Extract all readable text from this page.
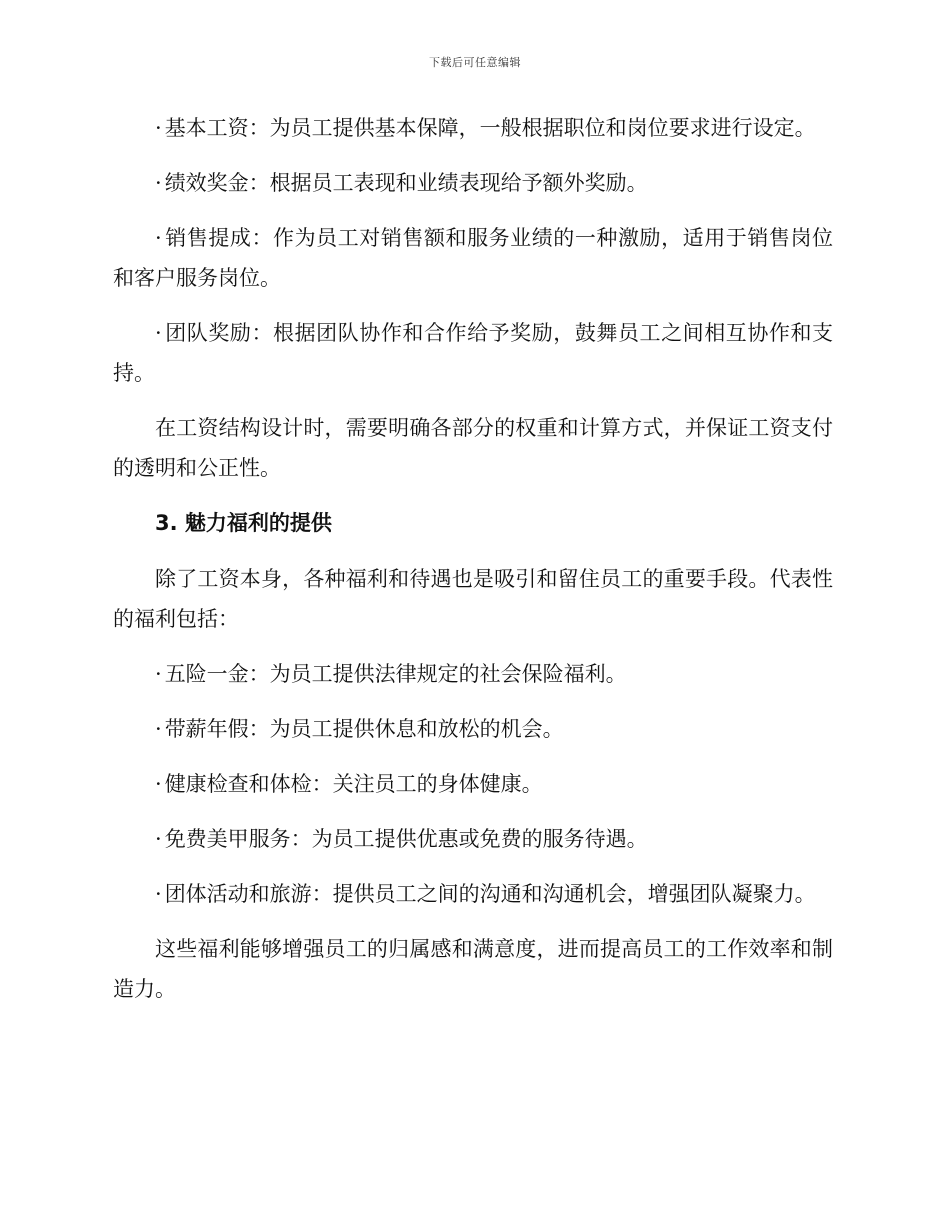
下载后可任意编辑

· 基本工资：为员工提供基本保障，一般根据职位和岗位要求进行设定。

· 绩效奖金：根据员工表现和业绩表现给予额外奖励。

· 销售提成：作为员工对销售额和服务业绩的一种激励，适用于销售岗位和客户服务岗位。

· 团队奖励：根据团队协作和合作给予奖励，鼓舞员工之间相互协作和支持。

在工资结构设计时，需要明确各部分的权重和计算方式，并保证工资支付的透明和公正性。

3. 魅力福利的提供

除了工资本身，各种福利和待遇也是吸引和留住员工的重要手段。代表性的福利包括：

· 五险一金：为员工提供法律规定的社会保险福利。

· 带薪年假：为员工提供休息和放松的机会。

· 健康检查和体检：关注员工的身体健康。

· 免费美甲服务：为员工提供优惠或免费的服务待遇。

· 团体活动和旅游：提供员工之间的沟通和沟通机会，增强团队凝聚力。

这些福利能够增强员工的归属感和满意度，进而提高员工的工作效率和制造力。
